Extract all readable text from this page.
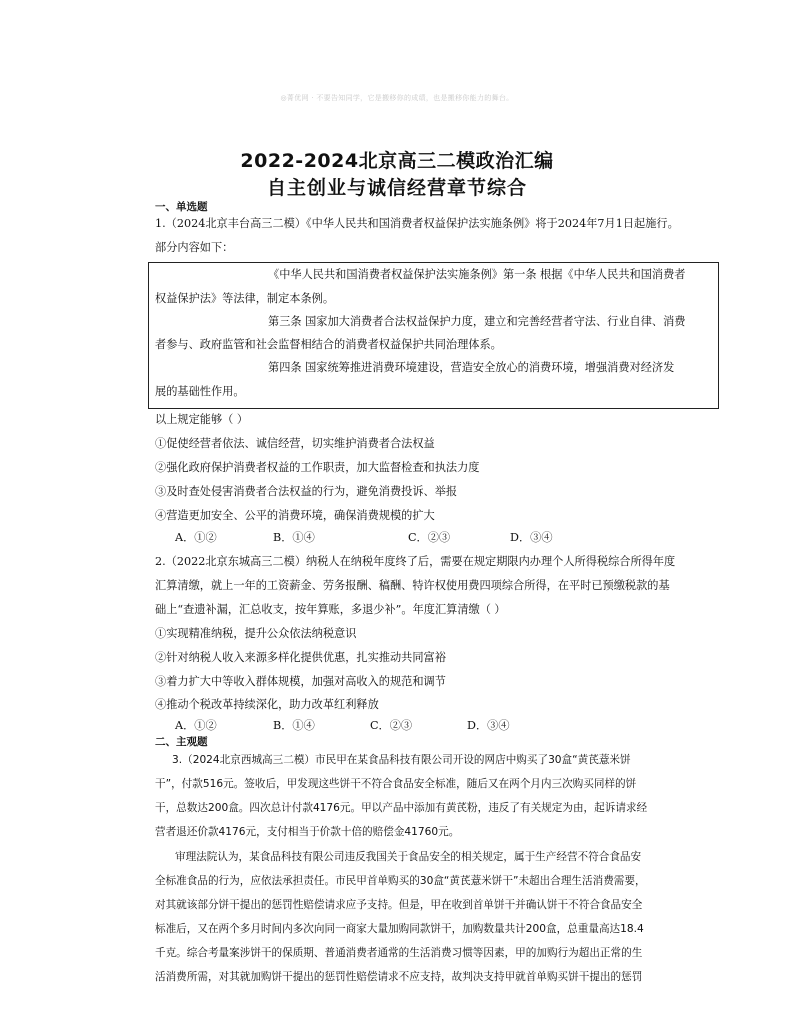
◎菁优网 · 不要告知同学，它是搬移你的成绩，也是搬移你能力的舞台。
2022-2024北京高三二模政治汇编
自主创业与诚信经营章节综合
一、单选题
1.（2024北京丰台高三二模）《中华人民共和国消费者权益保护法实施条例》将于2024年7月1日起施行。
部分内容如下：
《中华人民共和国消费者权益保护法实施条例》第一条 根据《中华人民共和国消费者
权益保护法》等法律，制定本条例。
第三条 国家加大消费者合法权益保护力度，建立和完善经营者守法、行业自律、消费
者参与、政府监管和社会监督相结合的消费者权益保护共同治理体系。
第四条 国家统筹推进消费环境建设，营造安全放心的消费环境，增强消费对经济发
展的基础性作用。
以上规定能够（ ）
①促使经营者依法、诚信经营，切实维护消费者合法权益
②强化政府保护消费者权益的工作职责，加大监督检查和执法力度
③及时查处侵害消费者合法权益的行为，避免消费投诉、举报
④营造更加安全、公平的消费环境，确保消费规模的扩大
A．①②	B．①④	C．②③	D．③④
2.（2022北京东城高三二模）纳税人在纳税年度终了后，需要在规定期限内办理个人所得税综合所得年度
汇算清缴，就上一年的工资薪金、劳务报酬、稿酬、特许权使用费四项综合所得，在平时已预缴税款的基
础上“查遗补漏，汇总收支，按年算账，多退少补”。年度汇算清缴（ ）
①实现精准纳税，提升公众依法纳税意识
②针对纳税人收入来源多样化提供优惠，扎实推动共同富裕
③着力扩大中等收入群体规模，加强对高收入的规范和调节
④推动个税改革持续深化，助力改革红利释放
A．①②	B．①④	C．②③	D．③④
二、主观题
3.（2024北京西城高三二模）市民甲在某食品科技有限公司开设的网店中购买了30盒“黄芪薏米饼
干”，付款516元。签收后，甲发现这些饼干不符合食品安全标准，随后又在两个月内三次购买同样的饼
干，总数达200盒。四次总计付款4176元。甲以产品中添加有黄芪粉，违反了有关规定为由，起诉请求经
营者退还价款4176元，支付相当于价款十倍的赔偿金41760元。
审理法院认为，某食品科技有限公司违反我国关于食品安全的相关规定，属于生产经营不符合食品安
全标准食品的行为，应依法承担责任。市民甲首单购买的30盒“黄芪薏米饼干”未超出合理生活消费需要，
对其就该部分饼干提出的惩罚性赔偿请求应予支持。但是，甲在收到首单饼干并确认饼干不符合食品安全
标准后，又在两个多月时间内多次向同一商家大量加购同款饼干，加购数量共计200盒，总重量高达18.4
千克。综合考量案涉饼干的保质期、普通消费者通常的生活消费习惯等因素，甲的加购行为超出正常的生
活消费所需，对其就加购饼干提出的惩罚性赔偿请求不应支持，故判决支持甲就首单购买饼干提出的惩罚
